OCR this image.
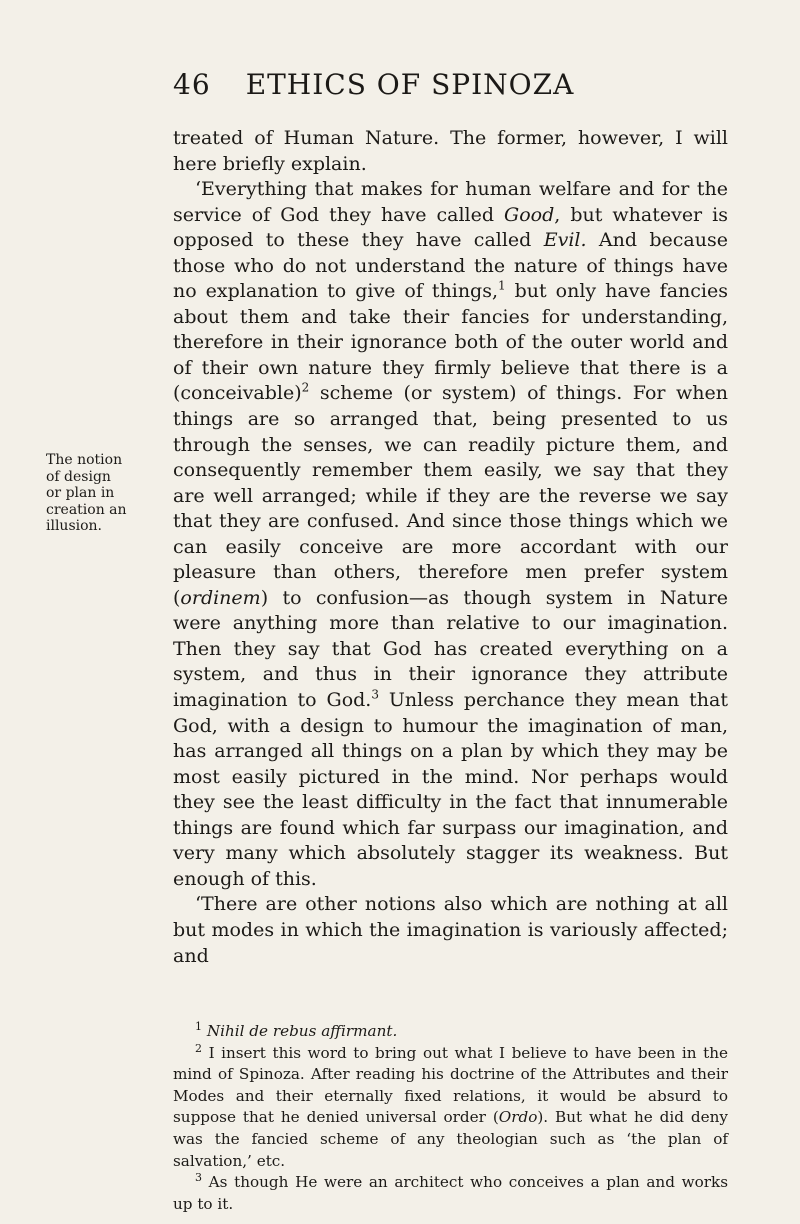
46	ETHICS OF SPINOZA
The notion
of design
or plan in
creation an
illusion.

treated of Human Nature. The former, however, I will here briefly explain.

‘Everything that makes for human welfare and for the service of God they have called Good, but whatever is opposed to these they have called Evil. And because those who do not understand the nature of things have no explanation to give of things,$^1$ but only have fancies about them and take their fancies for understanding, therefore in their ignorance both of the outer world and of their own nature they firmly believe that there is a (conceivable)$^2$ scheme (or system) of things. For when things are so arranged that, being presented to us through the senses, we can readily picture them, and consequently remember them easily, we say that they are well arranged; while if they are the reverse we say that they are confused. And since those things which we can easily conceive are more accordant with our pleasure than others, therefore men prefer system (ordinem) to confusion—as though system in Nature were anything more than relative to our imagination. Then they say that God has created everything on a system, and thus in their ignorance they attribute imagination to God.$^3$ Unless perchance they mean that God, with a design to humour the imagination of man, has arranged all things on a plan by which they may be most easily pictured in the mind. Nor perhaps would they see the least difficulty in the fact that innumerable things are found which far surpass our imagination, and very many which absolutely stagger its weakness. But enough of this.

‘There are other notions also which are nothing at all but modes in which the imagination is variously affected; and

$^1$ Nihil de rebus affirmant.

$^2$ I insert this word to bring out what I believe to have been in the mind of Spinoza. After reading his doctrine of the Attributes and their Modes and their eternally fixed relations, it would be absurd to suppose that he denied universal order (Ordo). But what he did deny was the fancied scheme of any theologian such as ‘the plan of salvation,’ etc.

$^3$ As though He were an architect who conceives a plan and works up to it.
